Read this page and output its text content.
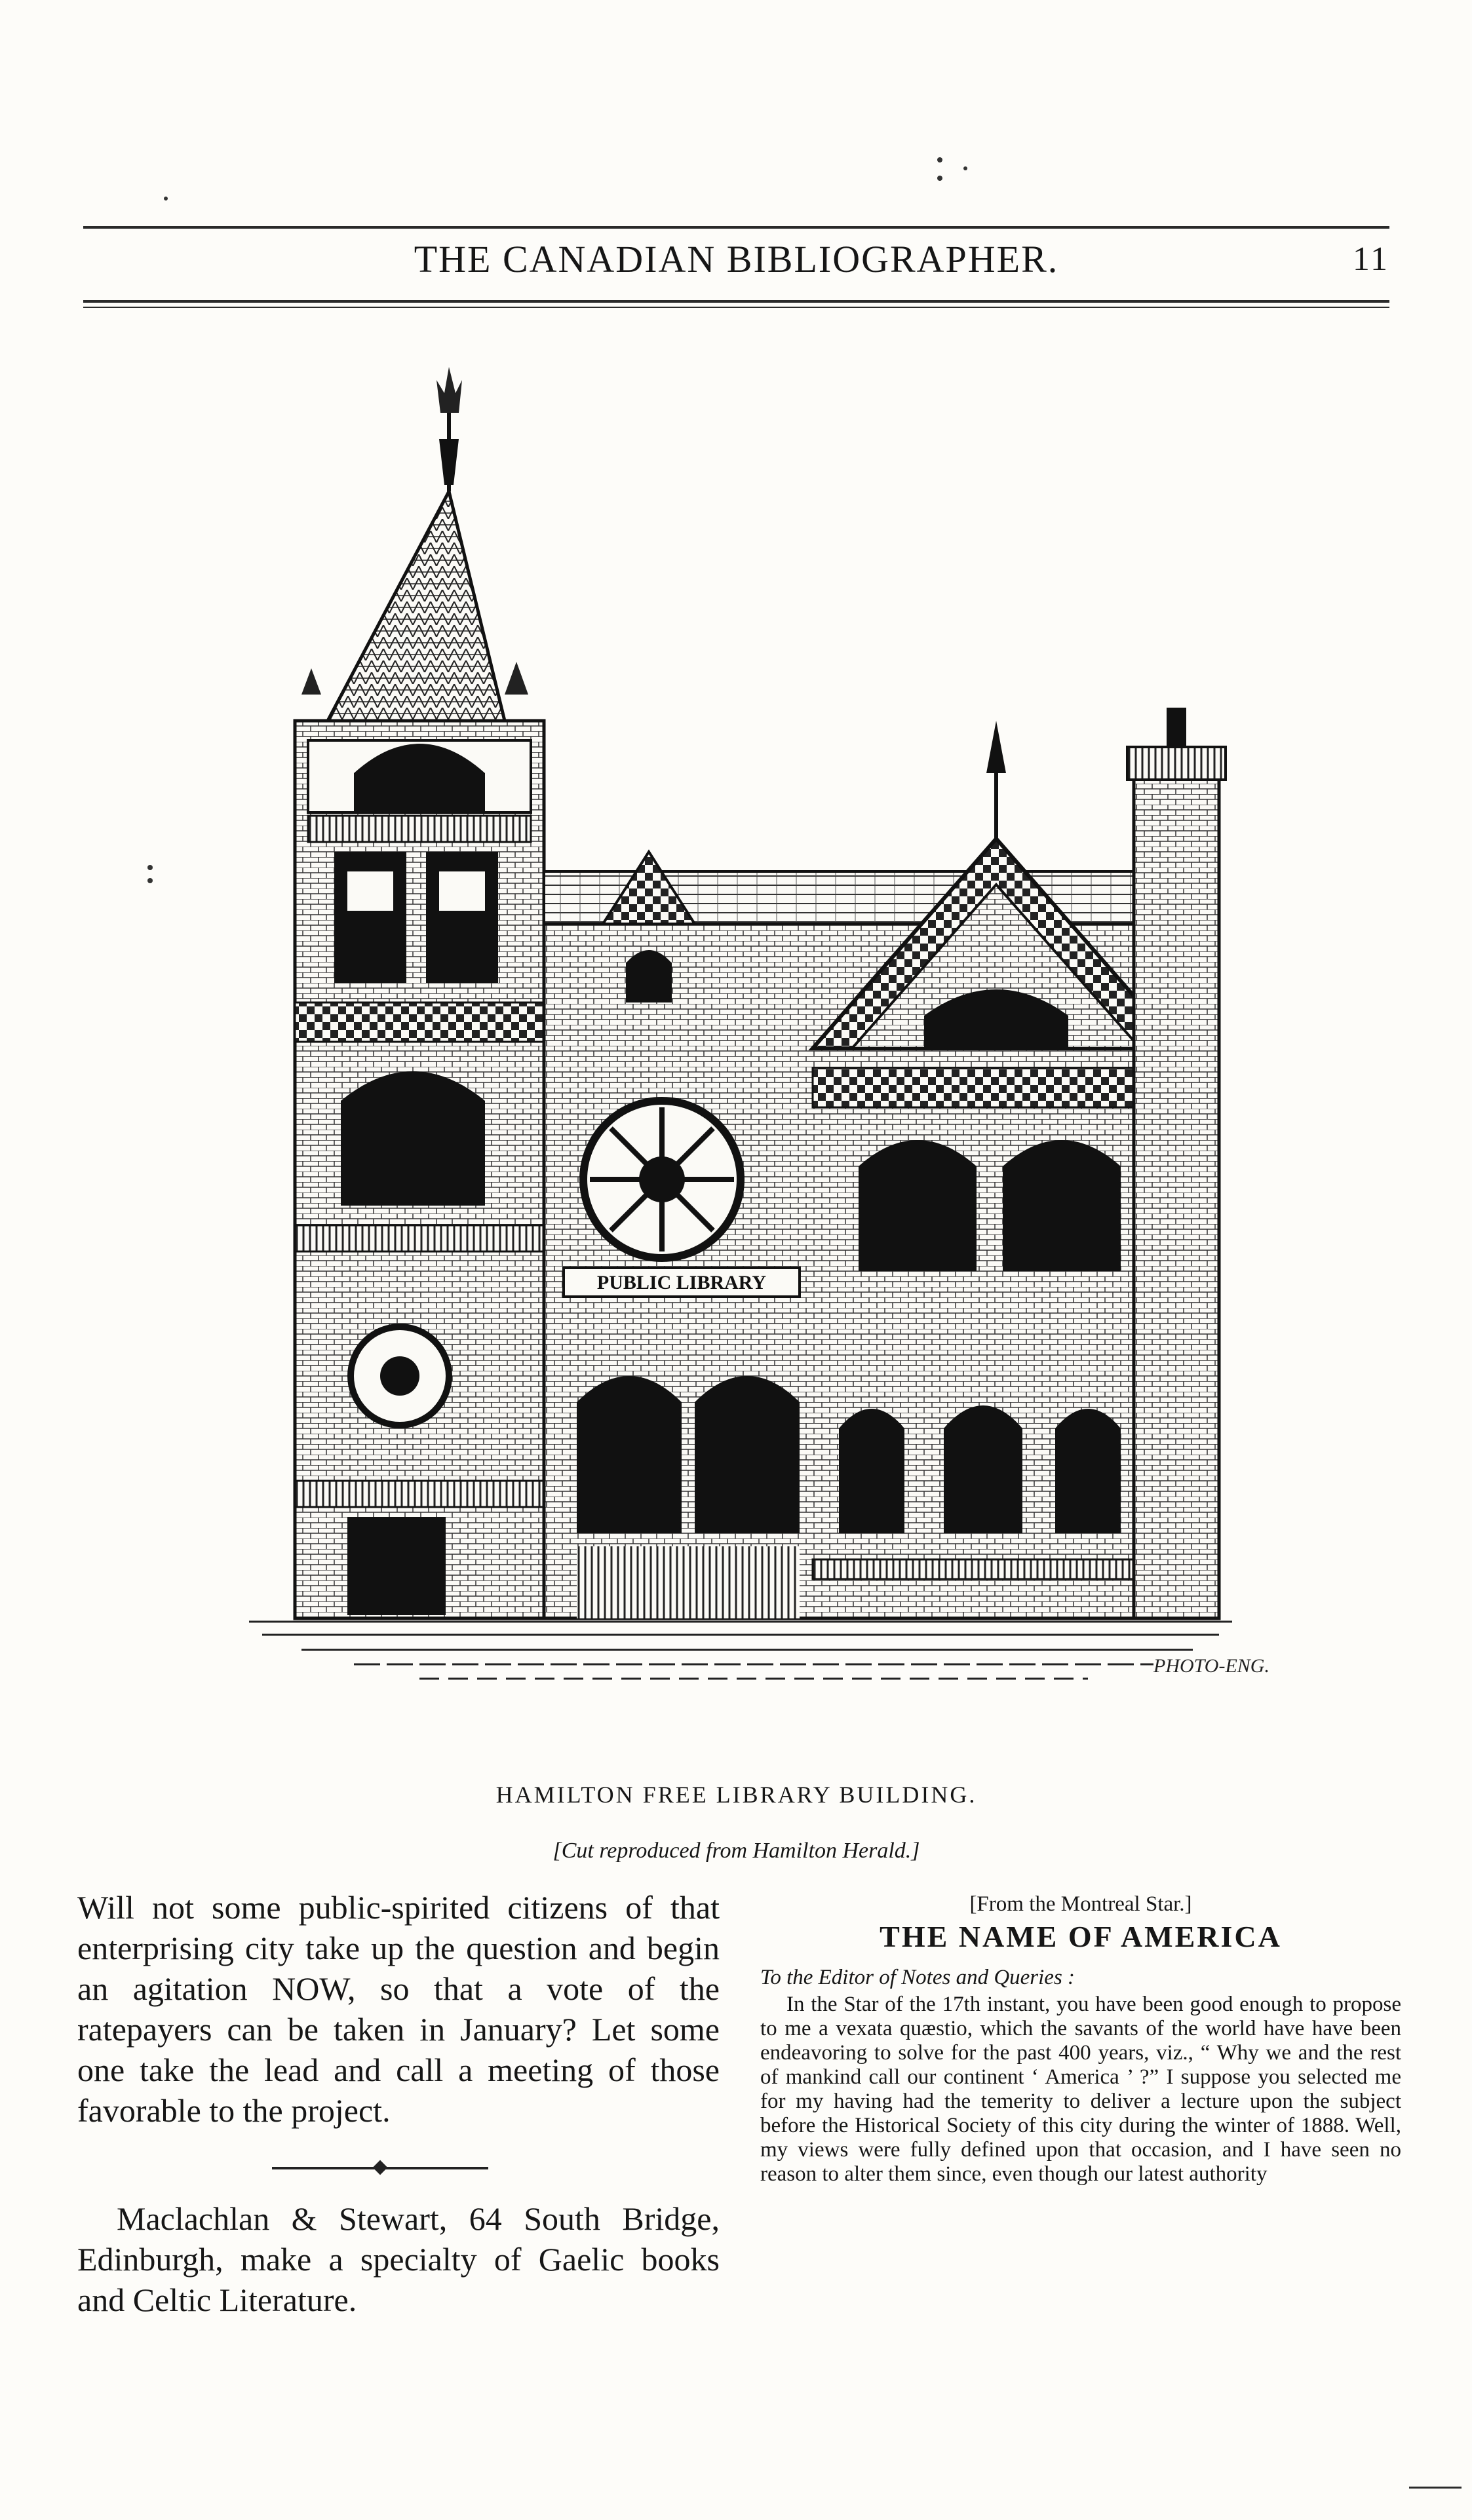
THE CANADIAN BIBLIOGRAPHER.	11
PUBLIC LIBRARY
PHOTO-ENG.
HAMILTON FREE LIBRARY BUILDING.
[Cut reproduced from Hamilton Herald.]

Will not some public-spirited citizens of that enterprising city take up the question and begin an agitation NOW, so that a vote of the ratepayers can be taken in January? Let some one take the lead and call a meeting of those favorable to the project.

Maclachlan & Stewart, 64 South Bridge, Edinburgh, make a specialty of Gaelic books and Celtic Literature.

[From the Montreal Star.]

THE NAME OF AMERICA

To the Editor of Notes and Queries :

In the Star of the 17th instant, you have been good enough to propose to me a vexata quæstio, which the savants of the world have have been endeavoring to solve for the past 400 years, viz., “ Why we and the rest of mankind call our continent ‘ America ’ ?” I suppose you selected me for my having had the temerity to deliver a lecture upon the subject before the Historical Society of this city during the winter of 1888. Well, my views were fully defined upon that occasion, and I have seen no reason to alter them since, even though our latest authority
